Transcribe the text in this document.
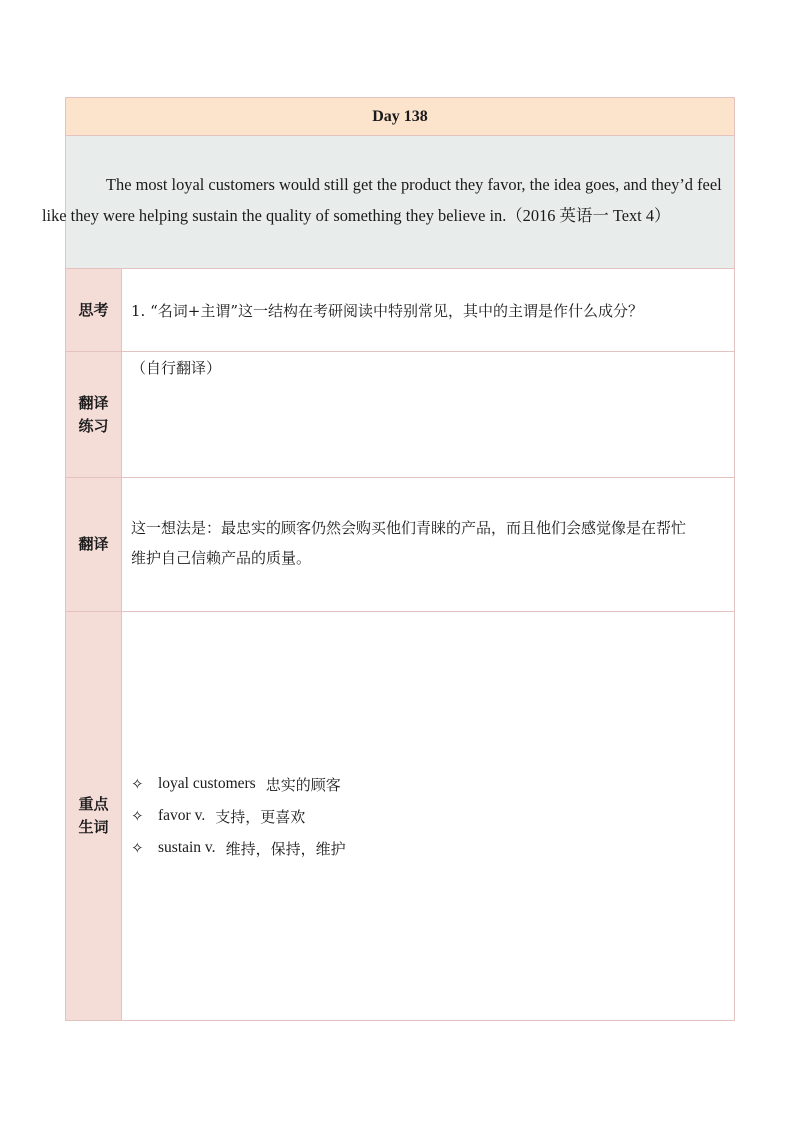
Day 138

The most loyal customers would still get the product they favor, the idea goes, and they’d feel
like they were helping sustain the quality of something they believe in.（2016 英语一 Text 4）

思考 1. “名词+主谓”这一结构在考研阅读中特别常见，其中的主谓是作什么成分？
翻译
练习
（自行翻译）
翻译
这一想法是：最忠实的顾客仍然会购买他们青睐的产品，而且他们会感觉像是在帮忙
维护自己信赖产品的质量。
重点
生词
✧ loyal customers 忠实的顾客
✧ favor v. 支持，更喜欢
✧ sustain v. 维持，保持，维护
